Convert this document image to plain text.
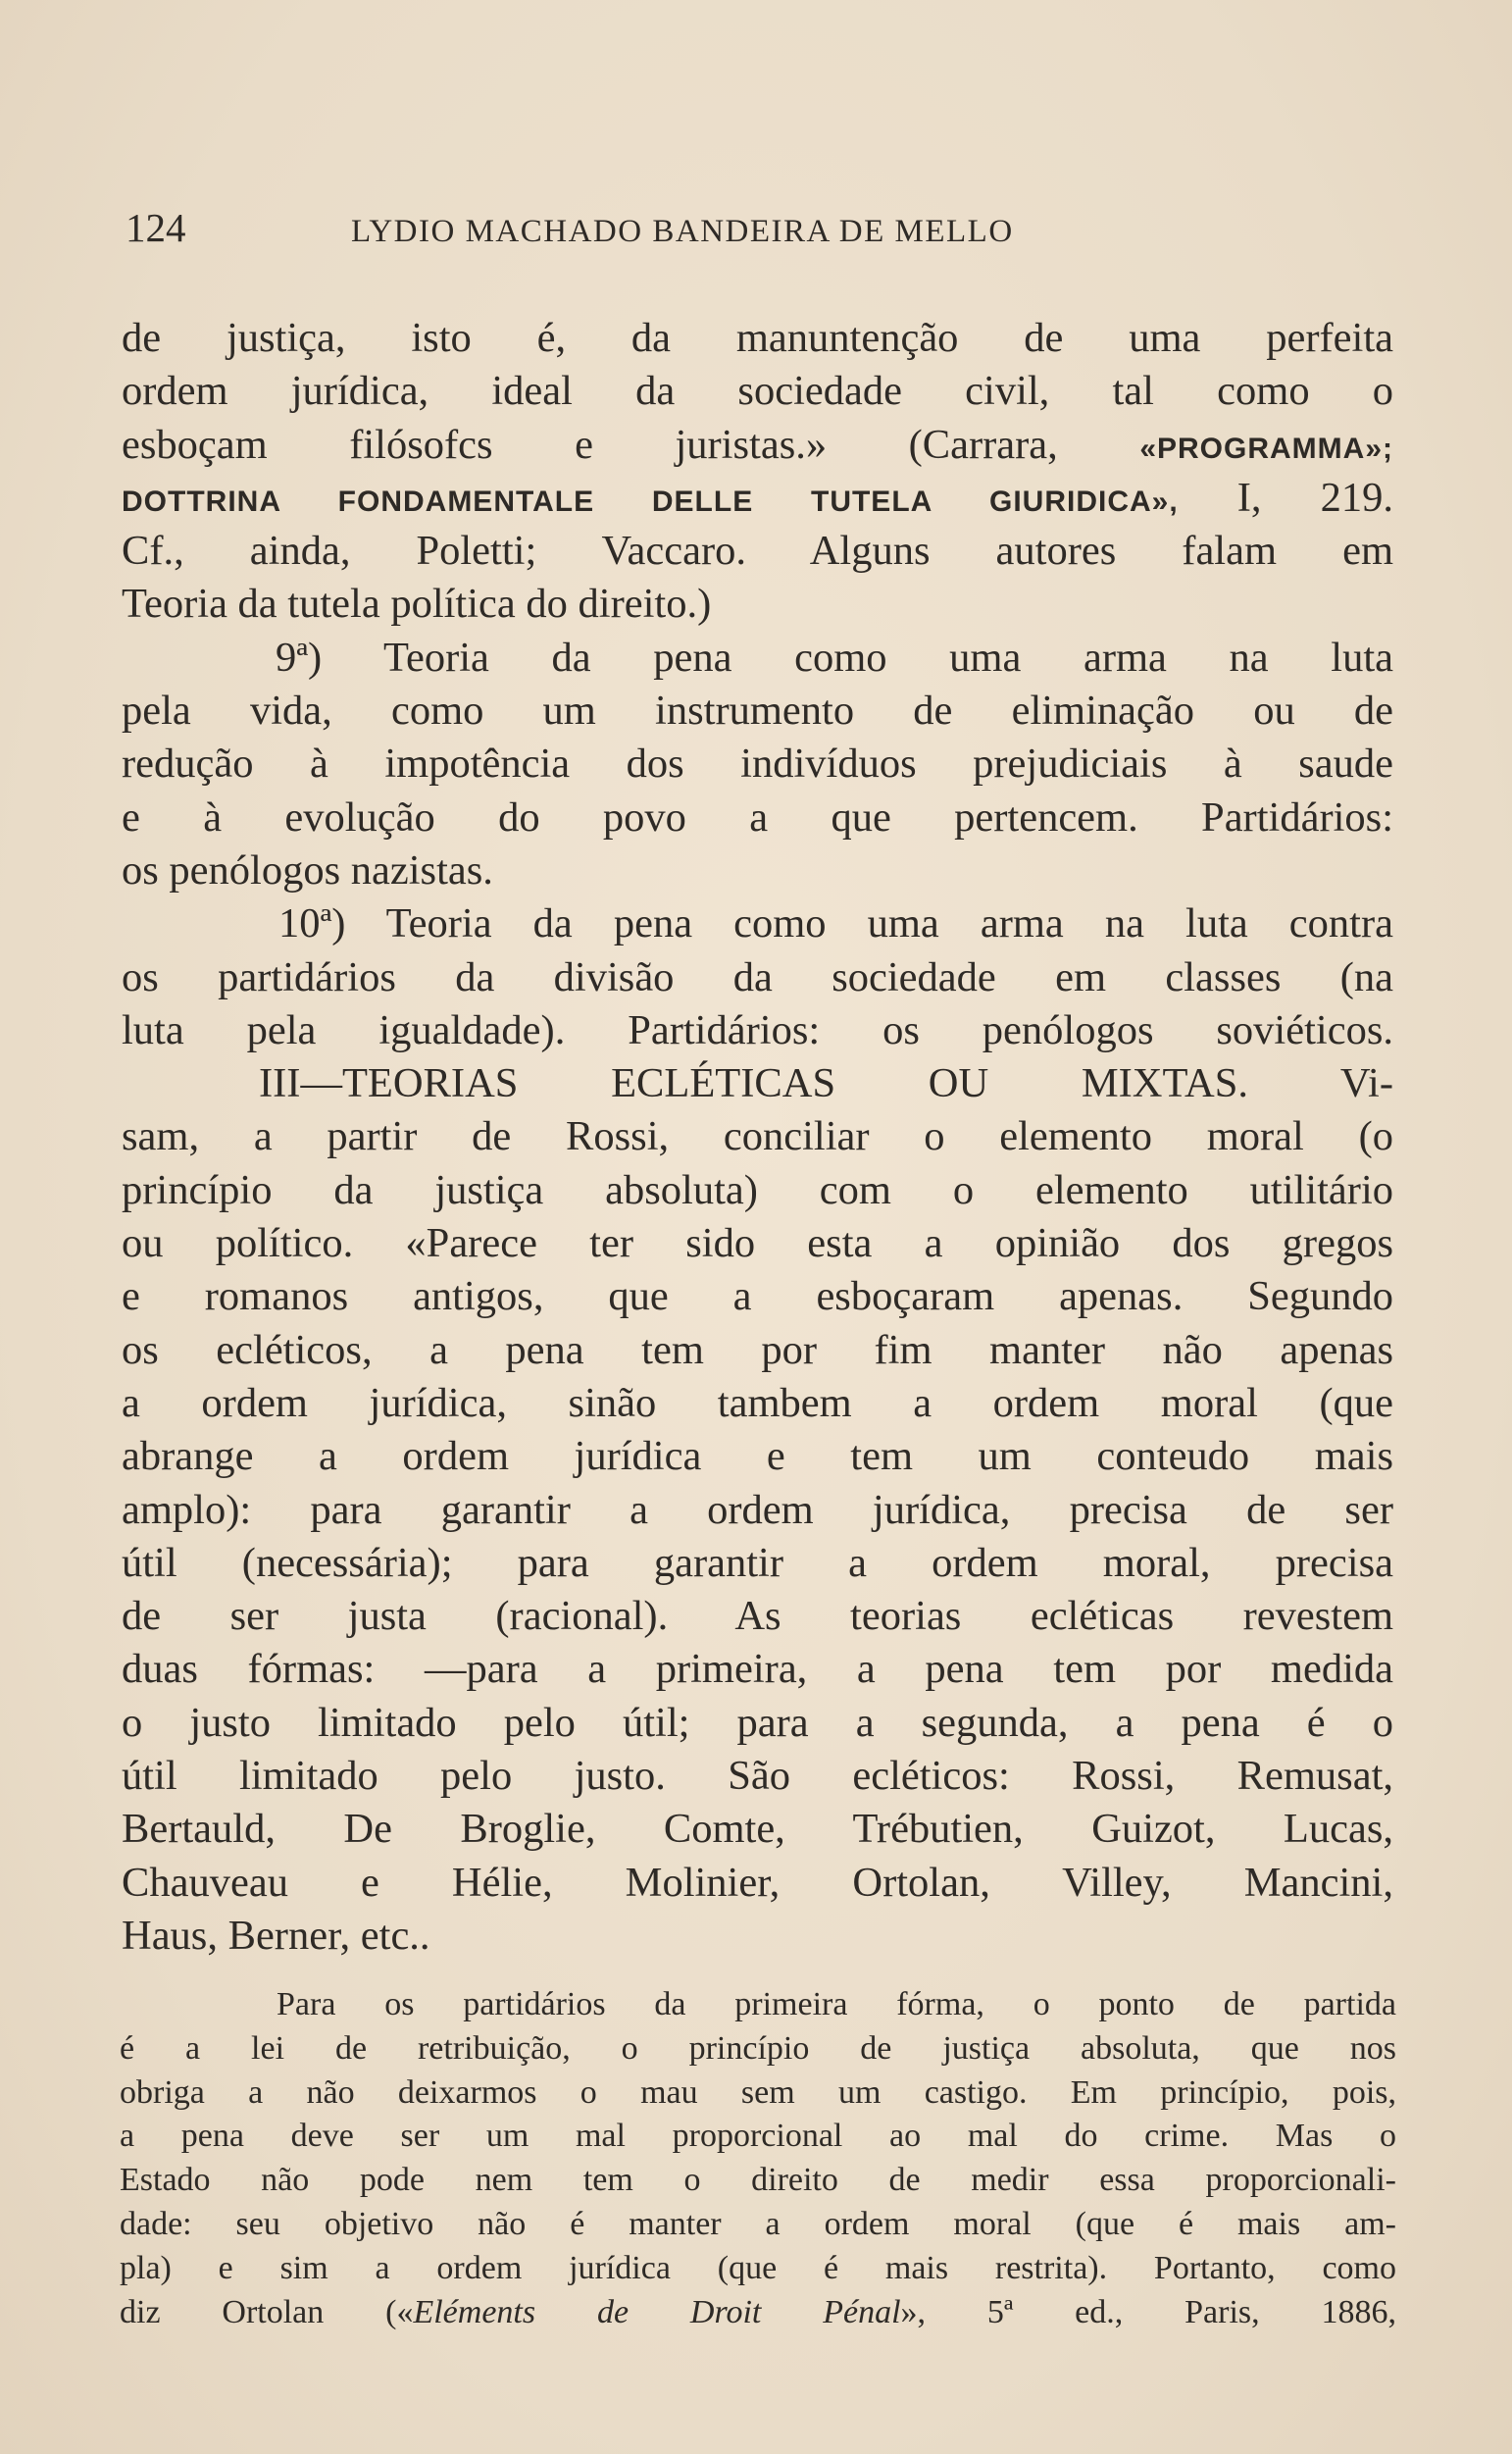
124	LYDIO MACHADO BANDEIRA DE MELLO
de justiça, isto é, da manuntenção de uma perfeita
ordem jurídica, ideal da sociedade civil, tal como o
esboçam filósofcs e juristas.» (Carrara,	«PROGRAMMA»;
DOTTRINA FONDAMENTALE DELLE TUTELA GIURIDICA», I, 219.
Cf., ainda, Poletti; Vaccaro. Alguns autores falam em
Teoria da tutela política do direito.)
9ª) Teoria da pena como uma arma na luta
pela vida, como um instrumento de eliminação ou de
redução à impotência dos indivíduos prejudiciais à saude
e à evolução do povo a que pertencem. Partidários:
os penólogos nazistas.
10ª) Teoria da pena como uma arma na luta contra
os partidários da divisão da sociedade em classes (na
luta pela igualdade). Partidários: os penólogos soviéticos.
III—TEORIAS ECLÉTICAS OU MIXTAS. Vi-
sam, a partir de Rossi, conciliar o elemento moral (o
princípio da justiça absoluta) com o elemento utilitário
ou político. «Parece ter sido esta a opinião dos gregos
e romanos antigos, que a esboçaram apenas. Segundo
os ecléticos, a pena tem por fim manter não apenas
a ordem jurídica, sinão tambem a ordem moral (que
abrange a ordem jurídica e tem um conteudo mais
amplo): para garantir a ordem jurídica, precisa de ser
útil (necessária); para garantir a ordem moral, precisa
de ser justa (racional). As teorias ecléticas revestem
duas fórmas: —para a primeira, a pena tem por medida
o justo limitado pelo útil; para a segunda, a pena é o
útil limitado pelo justo. São ecléticos: Rossi, Remusat,
Bertauld, De Broglie, Comte, Trébutien, Guizot, Lucas,
Chauveau e Hélie, Molinier, Ortolan, Villey, Mancini,
Haus, Berner, etc..
Para os partidários da primeira fórma, o ponto de partida
é a lei de retribuição, o princípio de justiça absoluta, que nos
obriga a não deixarmos o mau sem um castigo. Em princípio, pois,
a pena deve ser um mal proporcional ao mal do crime. Mas o
Estado não pode nem tem o direito de medir essa proporcionali-
dade: seu objetivo não é manter a ordem moral (que é mais am-
pla) e sim a ordem jurídica (que é mais restrita). Portanto, como
diz Ortolan («Eléments de Droit Pénal», 5ª ed., Paris, 1886,
